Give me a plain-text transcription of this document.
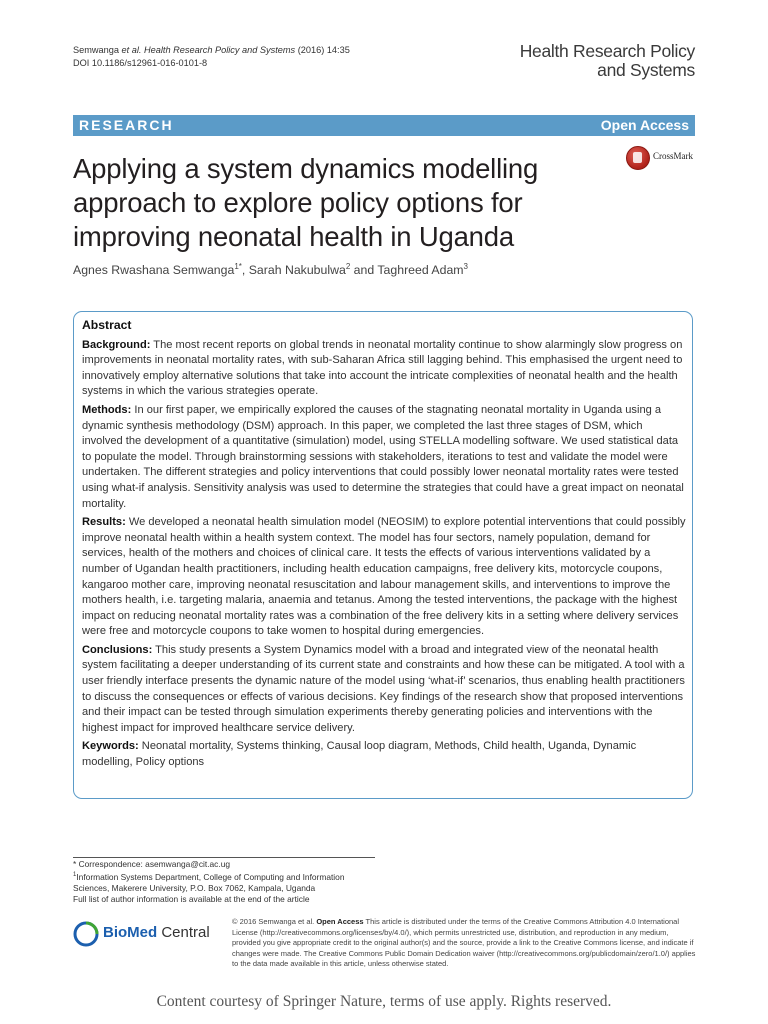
Semwanga et al. Health Research Policy and Systems (2016) 14:35
DOI 10.1186/s12961-016-0101-8
Health Research Policy
and Systems
RESEARCH	Open Access
Applying a system dynamics modelling approach to explore policy options for improving neonatal health in Uganda
CrossMark
Agnes Rwashana Semwanga$^{1*}$, Sarah Nakubulwa$^2$ and Taghreed Adam$^3$
Abstract

Background: The most recent reports on global trends in neonatal mortality continue to show alarmingly slow progress on improvements in neonatal mortality rates, with sub-Saharan Africa still lagging behind. This emphasised the urgent need to innovatively employ alternative solutions that take into account the intricate complexities of neonatal health and the health systems in which the various strategies operate.

Methods: In our first paper, we empirically explored the causes of the stagnating neonatal mortality in Uganda using a dynamic synthesis methodology (DSM) approach. In this paper, we completed the last three stages of DSM, which involved the development of a quantitative (simulation) model, using STELLA modelling software. We used statistical data to populate the model. Through brainstorming sessions with stakeholders, iterations to test and validate the model were undertaken. The different strategies and policy interventions that could possibly lower neonatal mortality rates were tested using what-if analysis. Sensitivity analysis was used to determine the strategies that could have a great impact on neonatal mortality.

Results: We developed a neonatal health simulation model (NEOSIM) to explore potential interventions that could possibly improve neonatal health within a health system context. The model has four sectors, namely population, demand for services, health of the mothers and choices of clinical care. It tests the effects of various interventions validated by a number of Ugandan health practitioners, including health education campaigns, free delivery kits, motorcycle coupons, kangaroo mother care, improving neonatal resuscitation and labour management skills, and interventions to improve the mothers health, i.e. targeting malaria, anaemia and tetanus. Among the tested interventions, the package with the highest impact on reducing neonatal mortality rates was a combination of the free delivery kits in a setting where delivery services were free and motorcycle coupons to take women to hospital during emergencies.

Conclusions: This study presents a System Dynamics model with a broad and integrated view of the neonatal health system facilitating a deeper understanding of its current state and constraints and how these can be mitigated. A tool with a user friendly interface presents the dynamic nature of the model using ‘what-if’ scenarios, thus enabling health practitioners to discuss the consequences or effects of various decisions. Key findings of the research show that proposed interventions and their impact can be tested through simulation experiments thereby generating policies and interventions with the highest impact for improved healthcare service delivery.

Keywords: Neonatal mortality, Systems thinking, Causal loop diagram, Methods, Child health, Uganda, Dynamic modelling, Policy options

* Correspondence: asemwanga@cit.ac.ug
$^1$Information Systems Department, College of Computing and Information Sciences, Makerere University, P.O. Box 7062, Kampala, Uganda
Full list of author information is available at the end of the article
BioMed Central
© 2016 Semwanga et al. Open Access This article is distributed under the terms of the Creative Commons Attribution 4.0 International License (http://creativecommons.org/licenses/by/4.0/), which permits unrestricted use, distribution, and reproduction in any medium, provided you give appropriate credit to the original author(s) and the source, provide a link to the Creative Commons license, and indicate if changes were made. The Creative Commons Public Domain Dedication waiver (http://creativecommons.org/publicdomain/zero/1.0/) applies to the data made available in this article, unless otherwise stated.
Content courtesy of Springer Nature, terms of use apply. Rights reserved.
